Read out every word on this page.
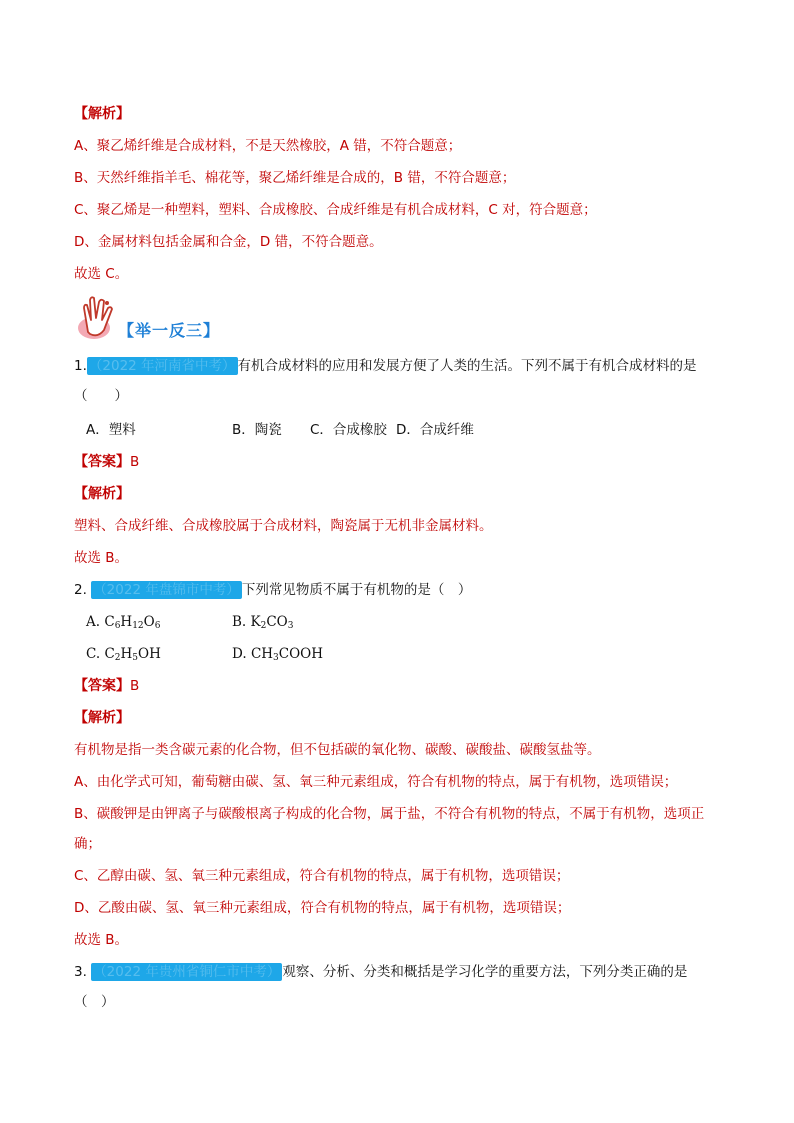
【解析】
A、聚乙烯纤维是合成材料，不是天然橡胶，A 错，不符合题意；
B、天然纤维指羊毛、棉花等，聚乙烯纤维是合成的，B 错，不符合题意；
C、聚乙烯是一种塑料，塑料、合成橡胶、合成纤维是有机合成材料，C 对，符合题意；
D、金属材料包括金属和合金，D 错，不符合题意。
故选 C。
【举一反三】
1. （2022 年河南省中考） 有机合成材料的应用和发展方便了人类的生活。下列不属于有机合成材料的是
（　　）
A．塑料	B．陶瓷 C．合成橡胶 D．合成纤维
【答案】B
【解析】
塑料、合成纤维、合成橡胶属于合成材料，陶瓷属于无机非金属材料。
故选 B。
2. （2022 年盘锦市中考） 下列常见物质不属于有机物的是（　）
A. $C_6H_{12}O_6$	B. $K_2CO_3$
C. $C_2H_5OH$	D. $CH_3COOH$
【答案】B
【解析】
有机物是指一类含碳元素的化合物，但不包括碳的氧化物、碳酸、碳酸盐、碳酸氢盐等。
A、由化学式可知，葡萄糖由碳、氢、氧三种元素组成，符合有机物的特点，属于有机物，选项错误；
B、碳酸钾是由钾离子与碳酸根离子构成的化合物，属于盐，不符合有机物的特点，不属于有机物，选项正
确；
C、乙醇由碳、氢、氧三种元素组成，符合有机物的特点，属于有机物，选项错误；
D、乙酸由碳、氢、氧三种元素组成，符合有机物的特点，属于有机物，选项错误；
故选 B。
3. （2022 年贵州省铜仁市中考） 观察、分析、分类和概括是学习化学的重要方法，下列分类正确的是
（　）
